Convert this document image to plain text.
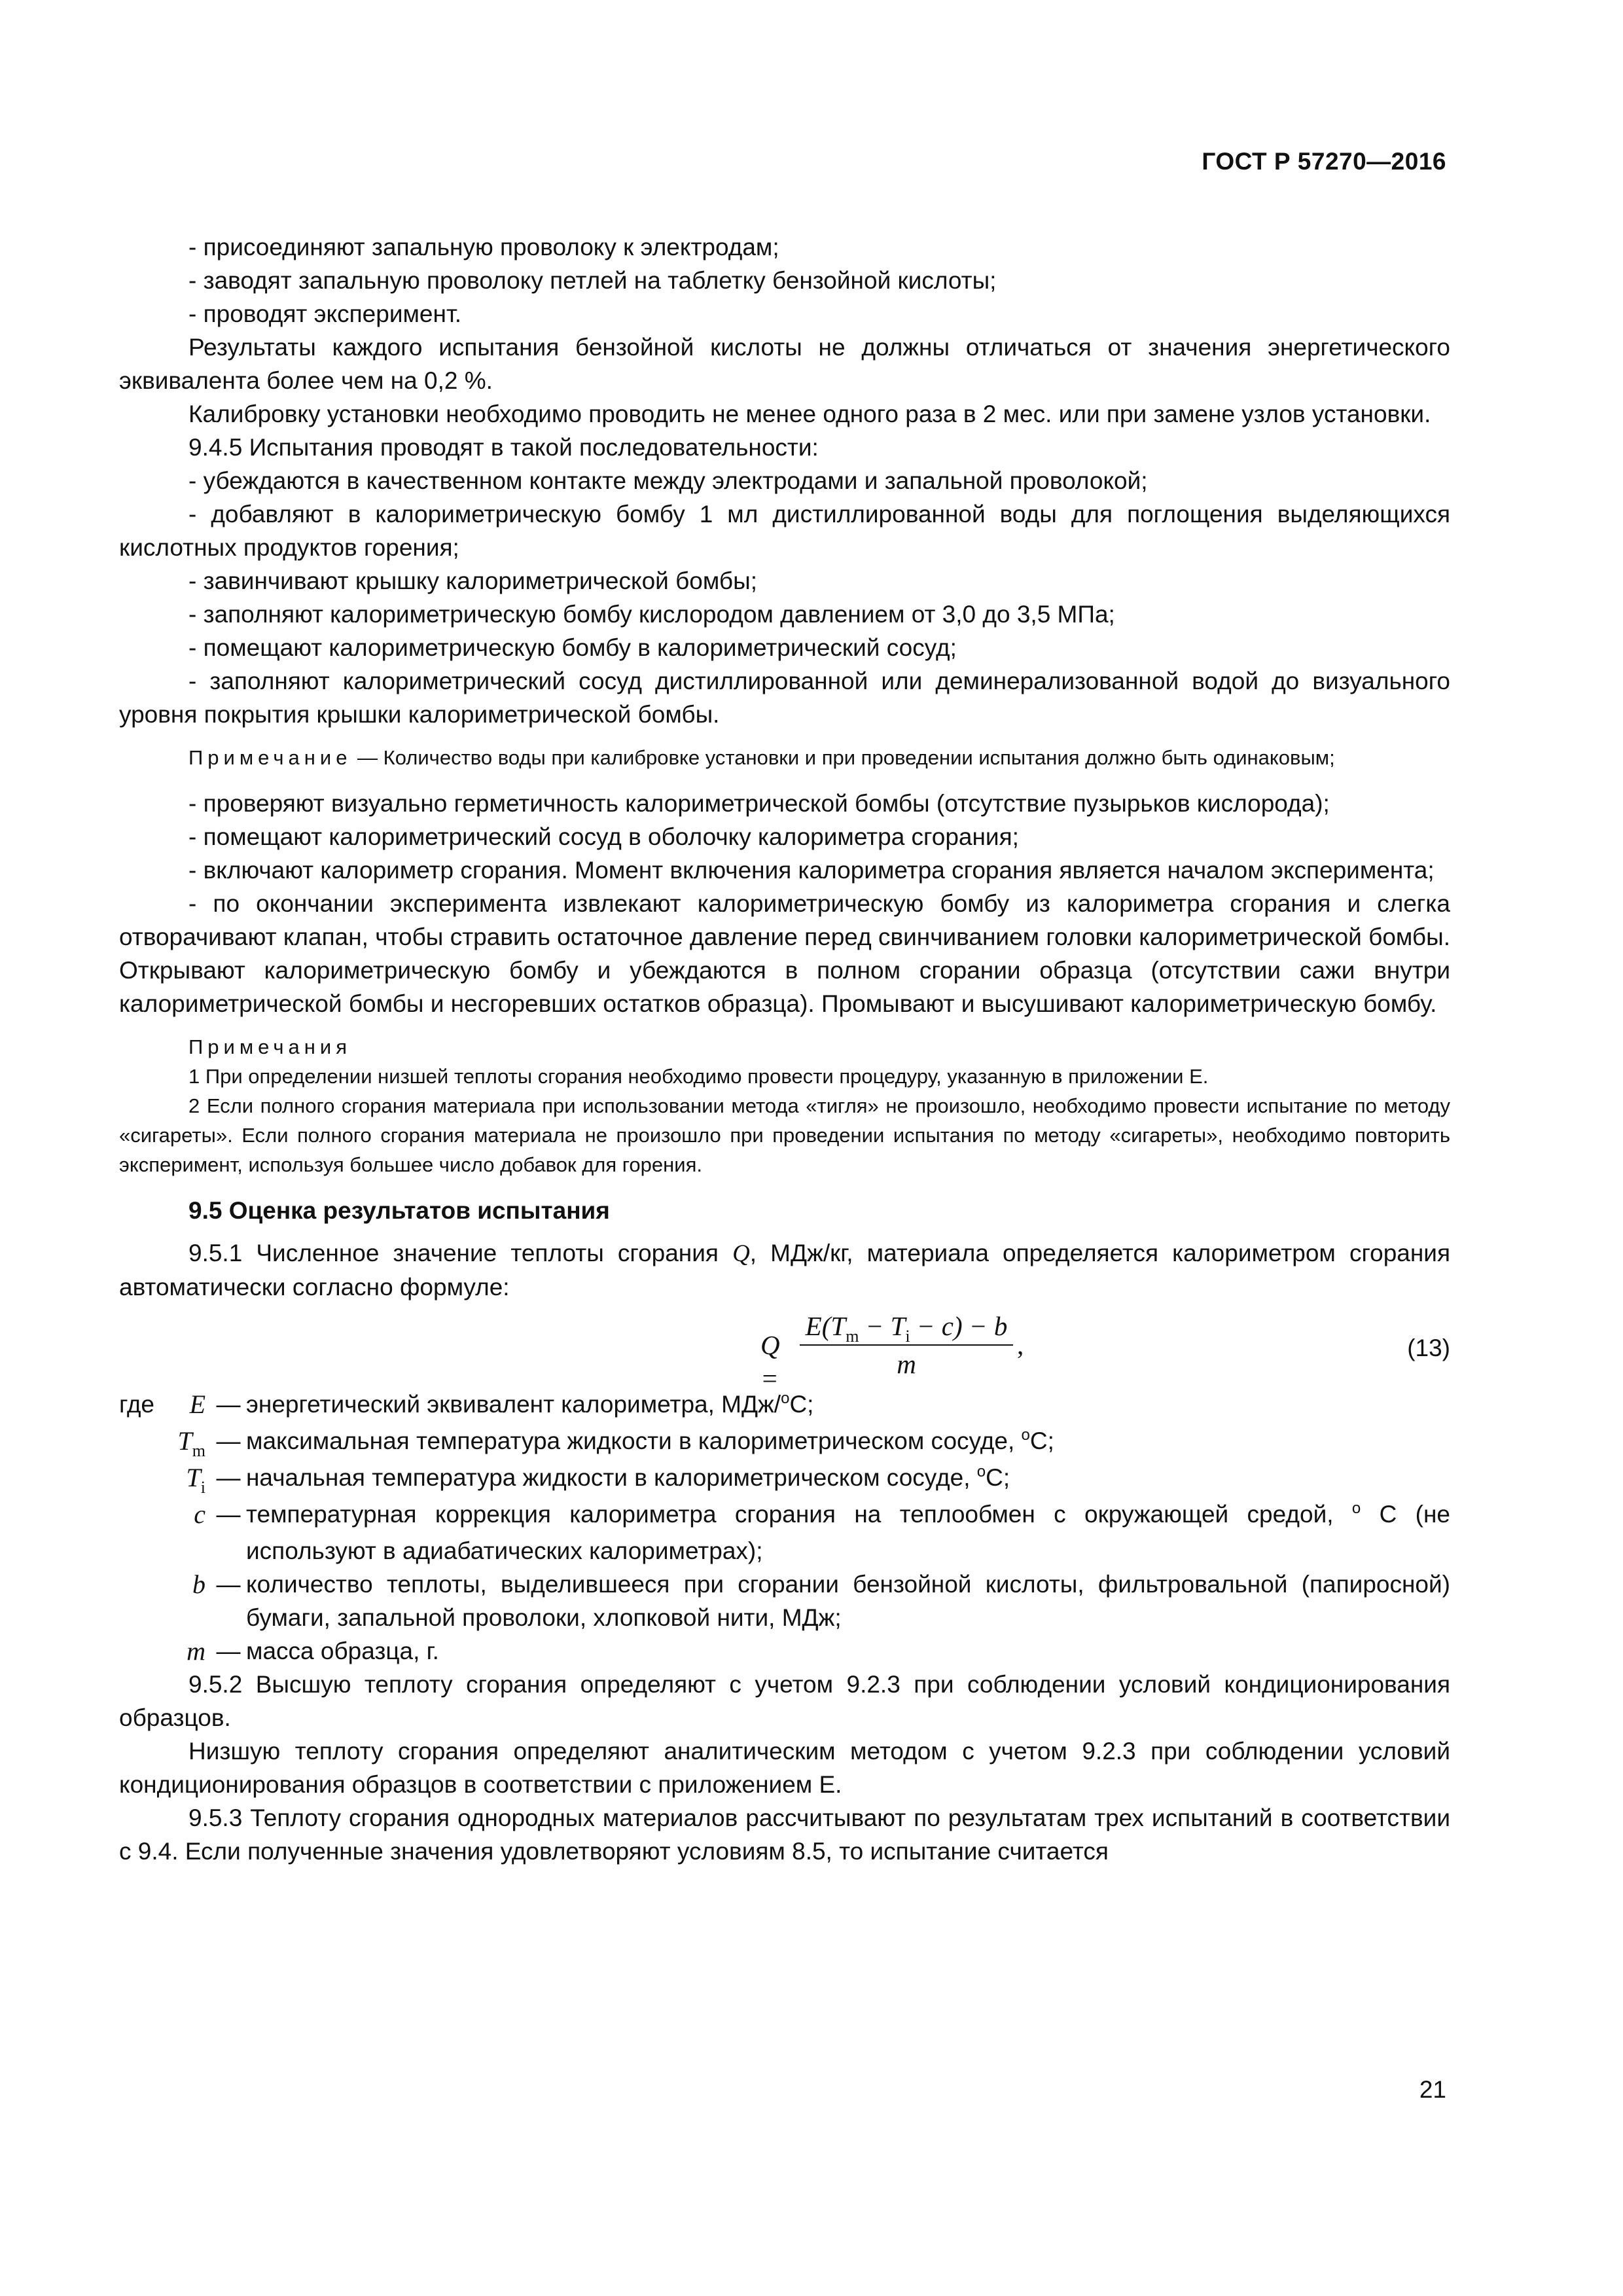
ГОСТ Р 57270—2016

- присоединяют запальную проволоку к электродам;

- заводят запальную проволоку петлей на таблетку бензойной кислоты;

- проводят эксперимент.

Результаты каждого испытания бензойной кислоты не должны отличаться от значения энергетического эквивалента более чем на 0,2 %.

Калибровку установки необходимо проводить не менее одного раза в 2 мес. или при замене узлов установки.

9.4.5 Испытания проводят в такой последовательности:

- убеждаются в качественном контакте между электродами и запальной проволокой;

- добавляют в калориметрическую бомбу 1 мл дистиллированной воды для поглощения выделяющихся кислотных продуктов горения;

- завинчивают крышку калориметрической бомбы;

- заполняют калориметрическую бомбу кислородом давлением от 3,0 до 3,5 МПа;

- помещают калориметрическую бомбу в калориметрический сосуд;

- заполняют калориметрический сосуд дистиллированной или деминерализованной водой до визуального уровня покрытия крышки калориметрической бомбы.

Примечание — Количество воды при калибровке установки и при проведении испытания должно быть одинаковым;

- проверяют визуально герметичность калориметрической бомбы (отсутствие пузырьков кислорода);

- помещают калориметрический сосуд в оболочку калориметра сгорания;

- включают калориметр сгорания. Момент включения калориметра сгорания является началом эксперимента;

- по окончании эксперимента извлекают калориметрическую бомбу из калориметра сгорания и слегка отворачивают клапан, чтобы стравить остаточное давление перед свинчиванием головки калориметрической бомбы. Открывают калориметрическую бомбу и убеждаются в полном сгорании образца (отсутствии сажи внутри калориметрической бомбы и несгоревших остатков образца). Промывают и высушивают калориметрическую бомбу.

Примечания

1 При определении низшей теплоты сгорания необходимо провести процедуру, указанную в приложении Е.

2 Если полного сгорания материала при использовании метода «тигля» не произошло, необходимо провести испытание по методу «сигареты». Если полного сгорания материала не произошло при проведении испытания по методу «сигареты», необходимо повторить эксперимент, используя большее число добавок для горения.

9.5 Оценка результатов испытания

9.5.1 Численное значение теплоты сгорания Q, МДж/кг, материала определяется калориметром сгорания автоматически согласно формуле:

Q =
$E(T_m - T_i - c) - b$
m
,	(13)
где	E — энергетический эквивалент калориметра, МДж/$^о$С;
$T_m$ — максимальная температура жидкости в калориметрическом сосуде, $^о$С;
$T_i$ — начальная температура жидкости в калориметрическом сосуде, $^о$С;
c — температурная коррекция калориметра сгорания на теплообмен с окружающей средой, $^о$ С (не используют в адиабатических калориметрах);
b — количество теплоты, выделившееся при сгорании бензойной кислоты, фильтровальной (папиросной) бумаги, запальной проволоки, хлопковой нити, МДж;
m — масса образца, г.

9.5.2 Высшую теплоту сгорания определяют с учетом 9.2.3 при соблюдении условий кондиционирования образцов.

Низшую теплоту сгорания определяют аналитическим методом с учетом 9.2.3 при соблюдении условий кондиционирования образцов в соответствии с приложением Е.

9.5.3 Теплоту сгорания однородных материалов рассчитывают по результатам трех испытаний в соответствии с 9.4. Если полученные значения удовлетворяют условиям 8.5, то испытание считается

21
